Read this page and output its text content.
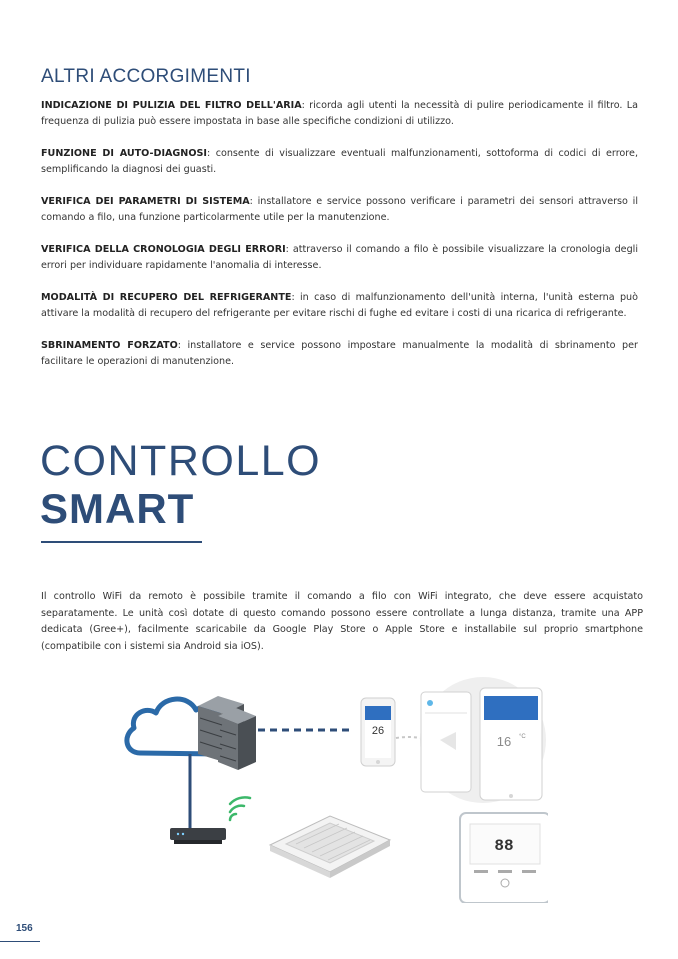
ALTRI ACCORGIMENTI

INDICAZIONE DI PULIZIA DEL FILTRO DELL'ARIA: ricorda agli utenti la necessità di pulire periodicamente il filtro. La frequenza di pulizia può essere impostata in base alle specifiche condizioni di utilizzo.

FUNZIONE DI AUTO-DIAGNOSI: consente di visualizzare eventuali malfunzionamenti, sottoforma di codici di errore, semplificando la diagnosi dei guasti.

VERIFICA DEI PARAMETRI DI SISTEMA: installatore e service possono verificare i parametri dei sensori attraverso il comando a filo, una funzione particolarmente utile per la manutenzione.

VERIFICA DELLA CRONOLOGIA DEGLI ERRORI: attraverso il comando a filo è possibile visualizzare la cronologia degli errori per individuare rapidamente l'anomalia di interesse.

MODALITÀ DI RECUPERO DEL REFRIGERANTE: in caso di malfunzionamento dell'unità interna, l'unità esterna può attivare la modalità di recupero del refrigerante per evitare rischi di fughe ed evitare i costi di una ricarica di refrigerante.

SBRINAMENTO FORZATO: installatore e service possono impostare manualmente la modalità di sbrinamento per facilitare le operazioni di manutenzione.

CONTROLLO
SMART

Il controllo WiFi da remoto è possibile tramite il comando a filo con WiFi integrato, che deve essere acquistato separatamente. Le unità così dotate di questo comando possono essere controllate a lunga distanza, tramite una APP dedicata (Gree+), facilmente scaricabile da Google Play Store o Apple Store e installabile sul proprio smartphone (compatibile con i sistemi sia Android sia iOS).

26
16 °C
88
156
